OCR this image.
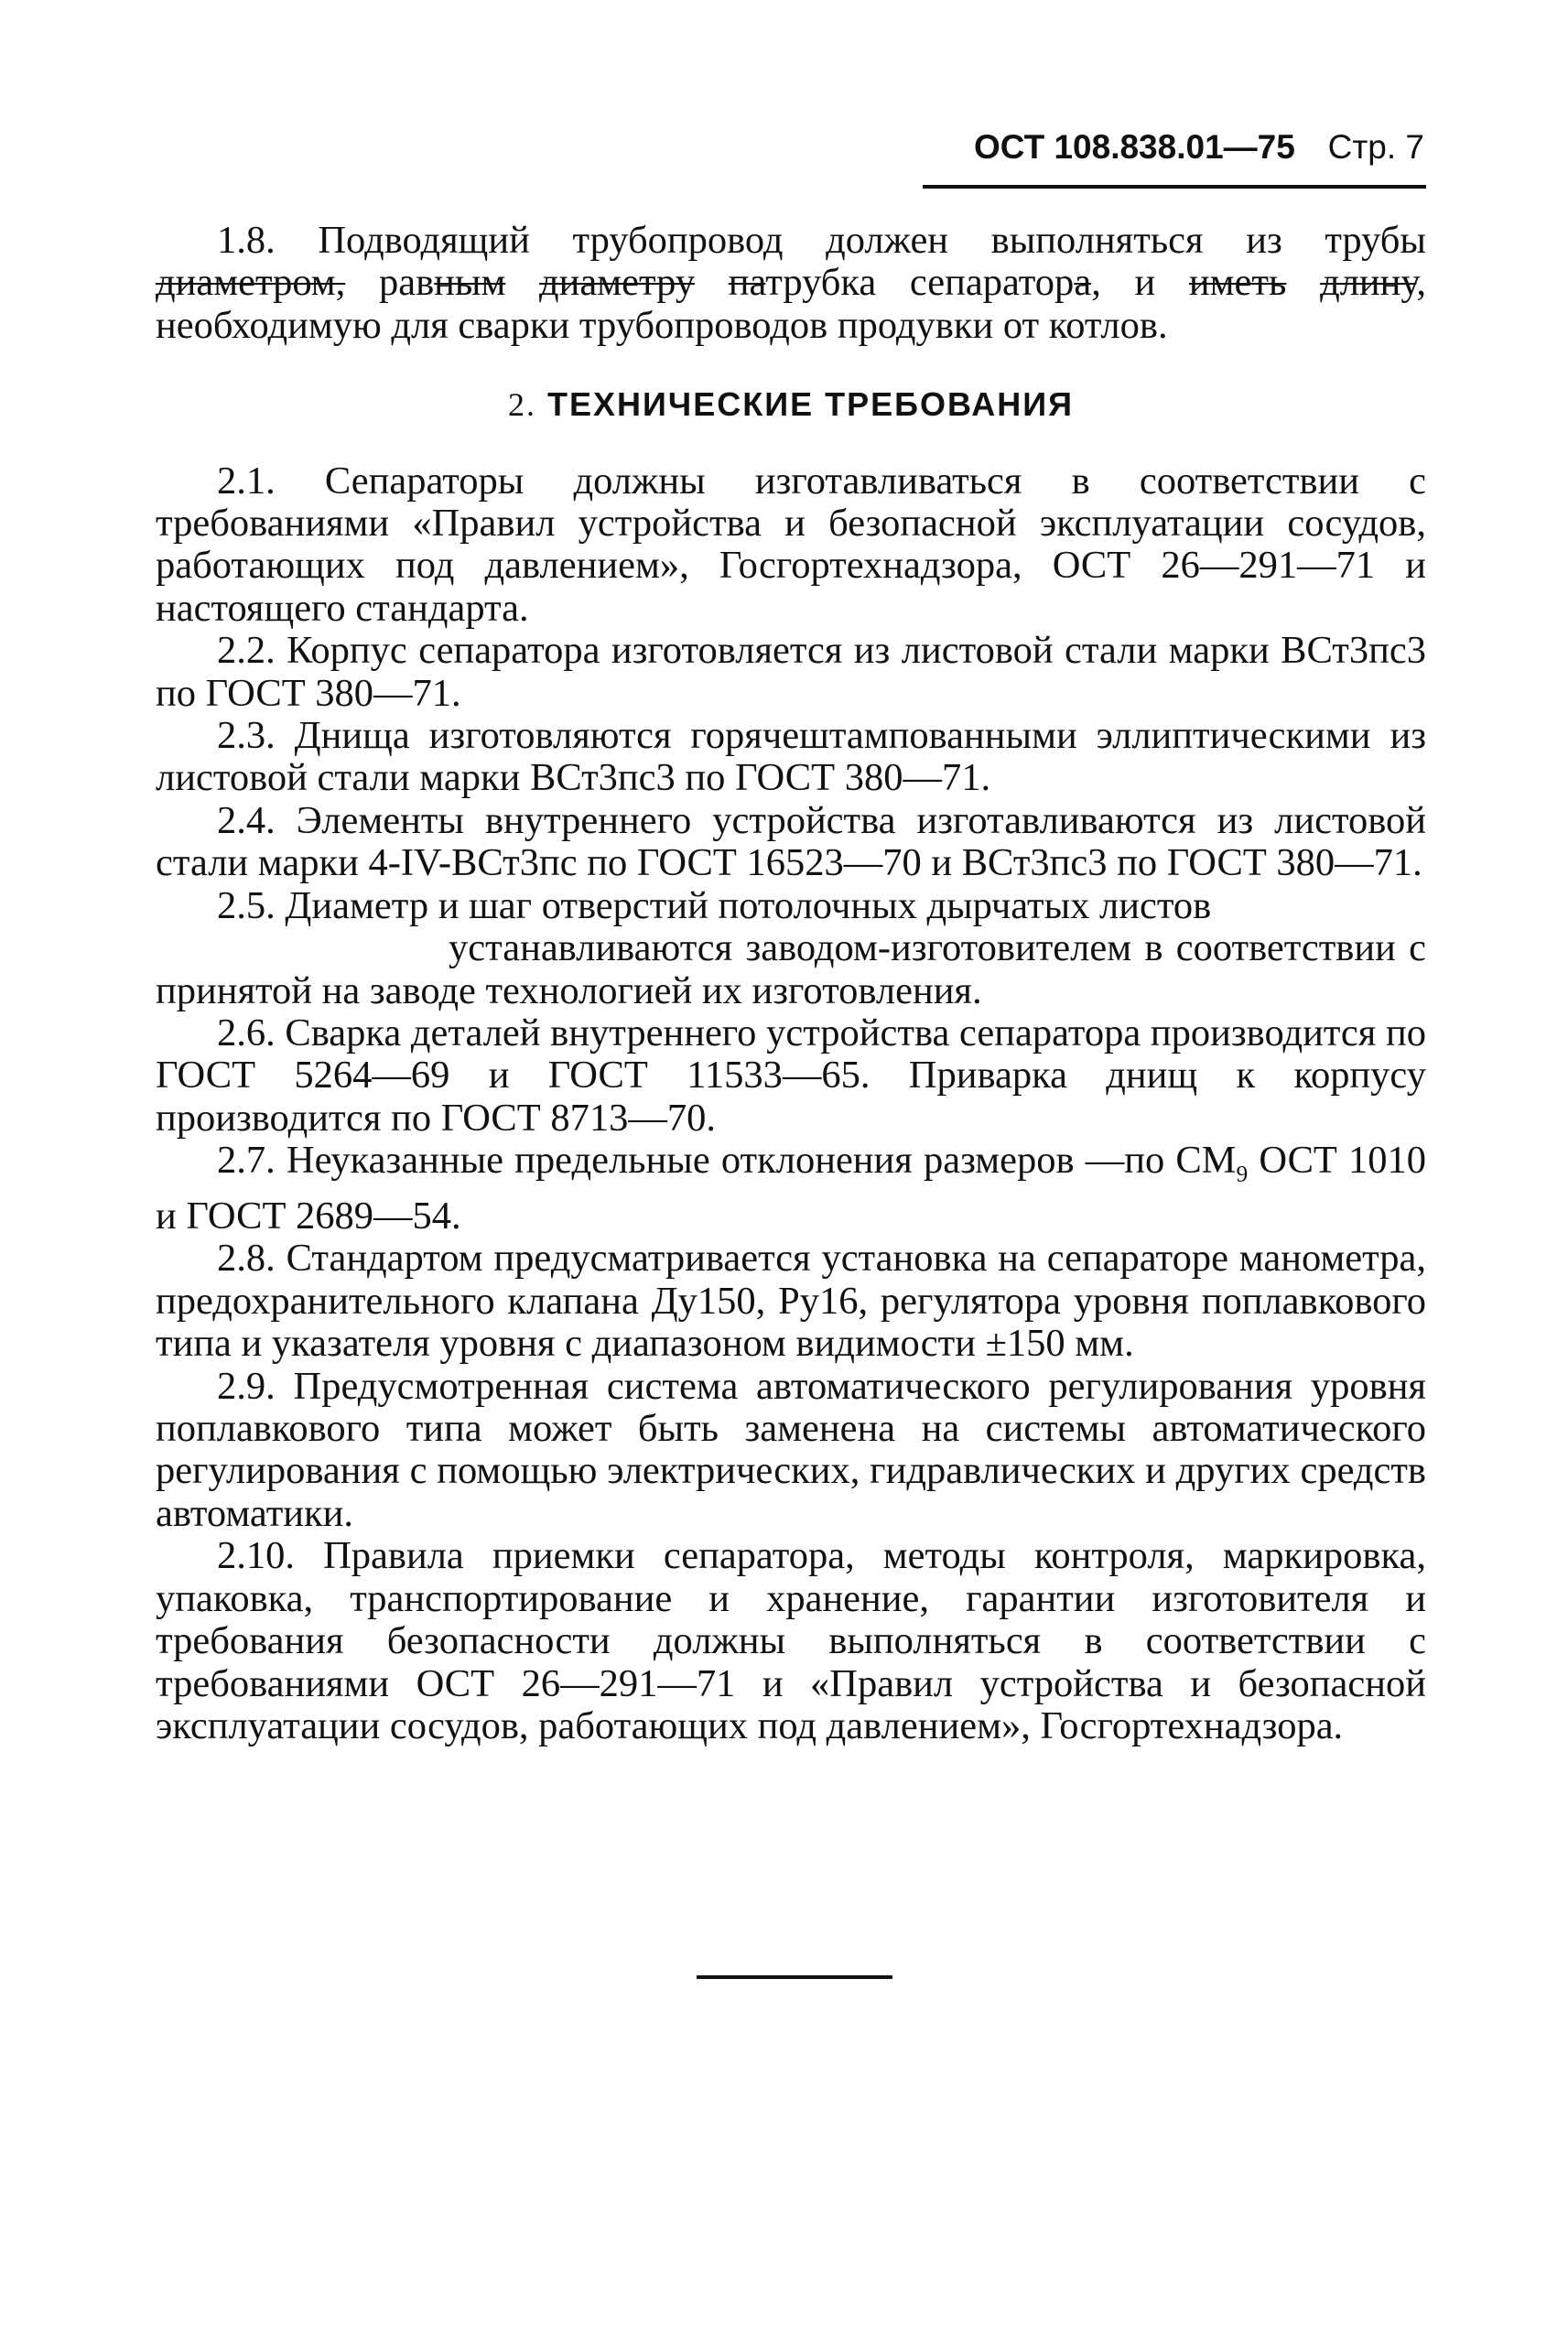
ОСТ 108.838.01—75 Стр. 7

1.8. Подводящий трубопровод должен выполняться из трубы диаметром, равным диаметру патрубка сепаратора, и иметь длину, необходимую для сварки трубопроводов продувки от котлов.

2. ТЕХНИЧЕСКИЕ ТРЕБОВАНИЯ

2.1. Сепараторы должны изготавливаться в соответствии с требованиями «Правил устройства и безопасной эксплуатации сосудов, работающих под давлением», Госгортехнадзора, ОСТ 26—291—71 и настоящего стандарта.

2.2. Корпус сепаратора изготовляется из листовой стали марки ВСт3пс3 по ГОСТ 380—71.

2.3. Днища изготовляются горячештампованными эллиптическими из листовой стали марки ВСт3пс3 по ГОСТ 380—71.

2.4. Элементы внутреннего устройства изготавливаются из листовой стали марки 4-IV-ВСт3пс по ГОСТ 16523—70 и ВСт3пс3 по ГОСТ 380—71.

2.5. Диаметр и шаг отверстий потолочных дырчатых листов
устанавливаются заводом-изготовителем в соответствии с принятой на заводе технологией их изготовления.

2.6. Сварка деталей внутреннего устройства сепаратора производится по ГОСТ 5264—69 и ГОСТ 11533—65. Приварка днищ к корпусу производится по ГОСТ 8713—70.

2.7. Неуказанные предельные отклонения размеров —по $СМ_9$ ОСТ 1010 и ГОСТ 2689—54.

2.8. Стандартом предусматривается установка на сепараторе манометра, предохранительного клапана Ду150, Ру16, регулятора уровня поплавкового типа и указателя уровня с диапазоном видимости ±150 мм.

2.9. Предусмотренная система автоматического регулирования уровня поплавкового типа может быть заменена на системы автоматического регулирования с помощью электрических, гидравлических и других средств автоматики.

2.10. Правила приемки сепаратора, методы контроля, маркировка, упаковка, транспортирование и хранение, гарантии изготовителя и требования безопасности должны выполняться в соответствии с требованиями ОСТ 26—291—71 и «Правил устройства и безопасной эксплуатации сосудов, работающих под давлением», Госгортехнадзора.
